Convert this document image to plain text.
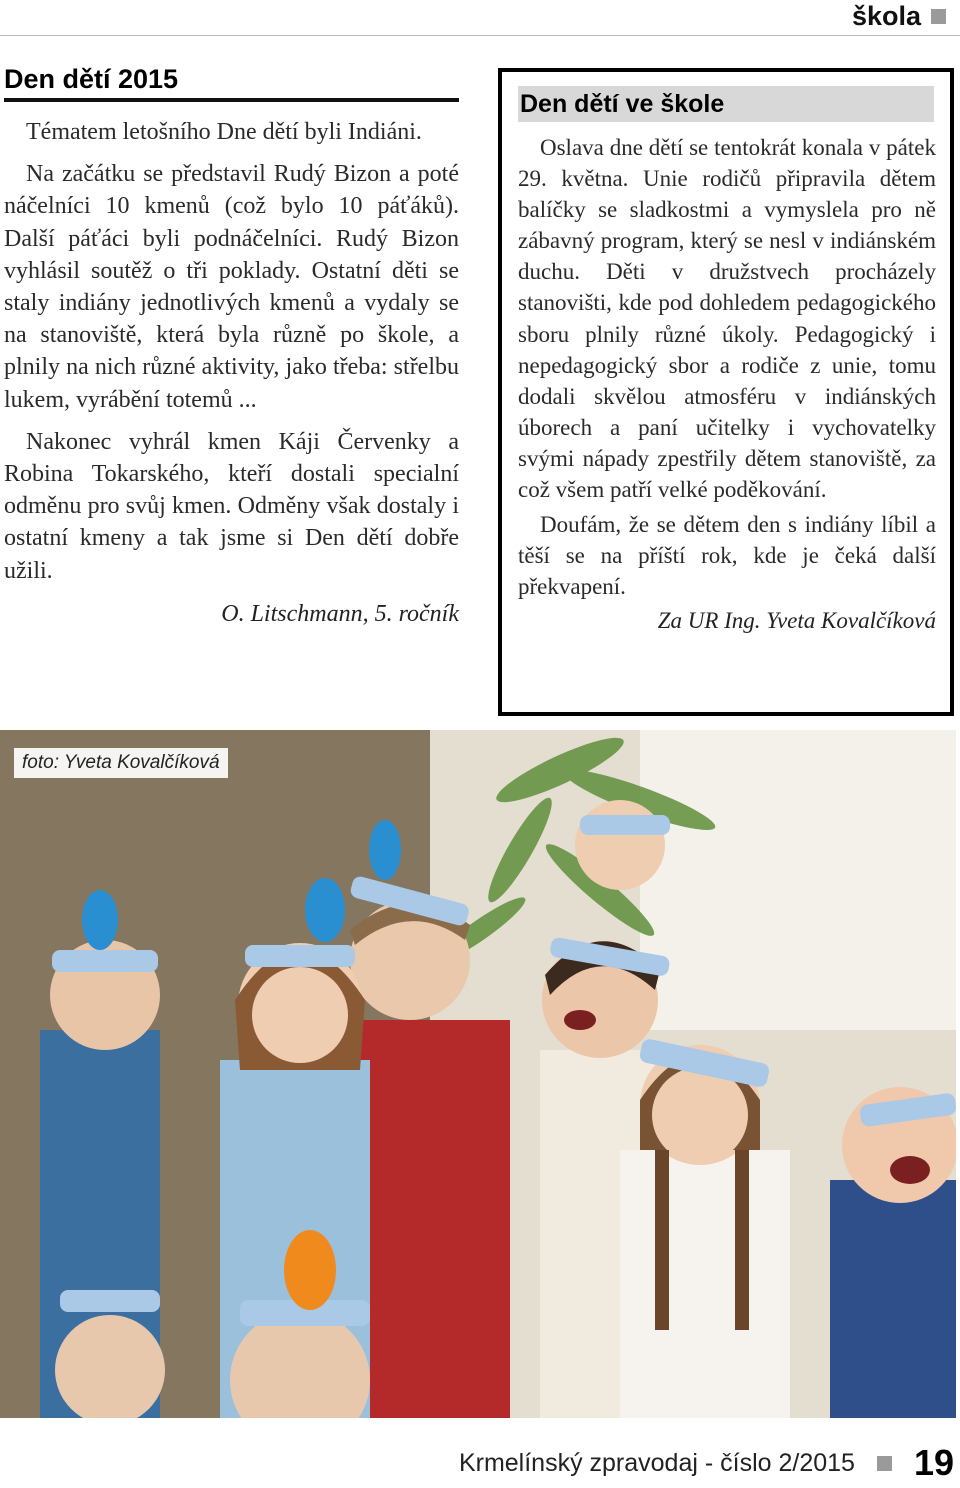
škola
Den dětí 2015

Tématem letošního Dne dětí byli Indiáni.

Na začátku se představil Rudý Bizon a poté náčelníci 10 kmenů (což bylo 10 páťáků). Další páťáci byli podnáčelníci. Rudý Bizon vyhlásil soutěž o tři poklady. Ostatní děti se staly indiány jednotlivých kmenů a vydaly se na stanoviště, která byla různě po škole, a plnily na nich různé aktivity, jako třeba: střelbu lukem, vyrábění totemů ...

Nakonec vyhrál kmen Káji Červenky a Robina Tokarského, kteří dostali specialní odměnu pro svůj kmen. Odměny však dostaly i ostatní kmeny a tak jsme si Den dětí dobře užili.

O. Litschmann, 5. ročník
Den dětí ve škole

Oslava dne dětí se tentokrát konala v pátek 29. května. Unie rodičů připravila dětem balíčky se sladkostmi a vymyslela pro ně zábavný program, který se nesl v indiánském duchu. Děti v družstvech procházely stanovišti, kde pod dohledem pedagogického sboru plnily různé úkoly. Pedagogický i nepedagogický sbor a rodiče z unie, tomu dodali skvělou atmosféru v indiánských úborech a paní učitelky i vychovatelky svými nápady zpestřily dětem stanoviště, za což všem patří velké poděkování.

Doufám, že se dětem den s indiány líbil a těší se na příští rok, kde je čeká další překvapení.

Za UR Ing. Yveta Kovalčíková
foto: Yveta Kovalčíková
Krmelínský zpravodaj - číslo 2/2015 19
